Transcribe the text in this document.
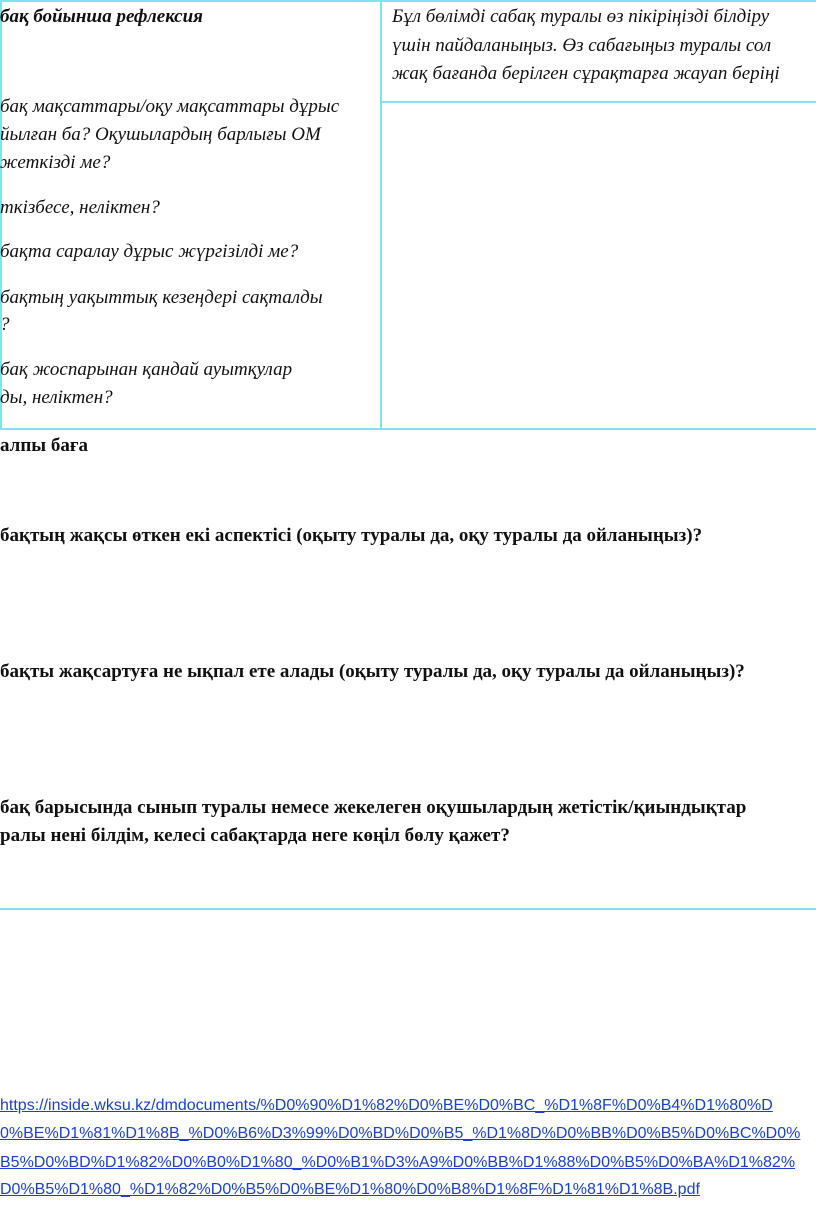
бақ бойынша рефлексия	Бұл бөлімді сабақ туралы өз пікіріңізді білдіру
үшін пайдаланыңыз. Өз сабағыңыз туралы сол
жақ бағанда берілген сұрақтарға жауап беріңі
бақ мақсаттары/оқу мақсаттары дұрыс
йылған ба? Оқушылардың барлығы ОМ
жеткізді ме?
ткізбесе, неліктен?
бақта саралау дұрыс жүргізілді ме?
бақтың уақыттық кезеңдері сақталды
?
бақ жоспарынан қандай ауытқулар
ды, неліктен?
алпы баға
бақтың жақсы өткен екі аспектісі (оқыту туралы да, оқу туралы да ойланыңыз)?
бақты жақсартуға не ықпал ете алады (оқыту туралы да, оқу туралы да ойланыңыз)?
бақ барысында сынып туралы немесе жекелеген оқушылардың жетістік/қиындықтар
ралы нені білдім, келесі сабақтарда неге көңіл бөлу қажет?
https://inside.wksu.kz/dmdocuments/%D0%90%D1%82%D0%BE%D0%BC_%D1%8F%D0%B4%D1%80%D
0%BE%D1%81%D1%8B_%D0%B6%D3%99%D0%BD%D0%B5_%D1%8D%D0%BB%D0%B5%D0%BC%D0%
B5%D0%BD%D1%82%D0%B0%D1%80_%D0%B1%D3%A9%D0%BB%D1%88%D0%B5%D0%BA%D1%82%
D0%B5%D1%80_%D1%82%D0%B5%D0%BE%D1%80%D0%B8%D1%8F%D1%81%D1%8B.pdf
